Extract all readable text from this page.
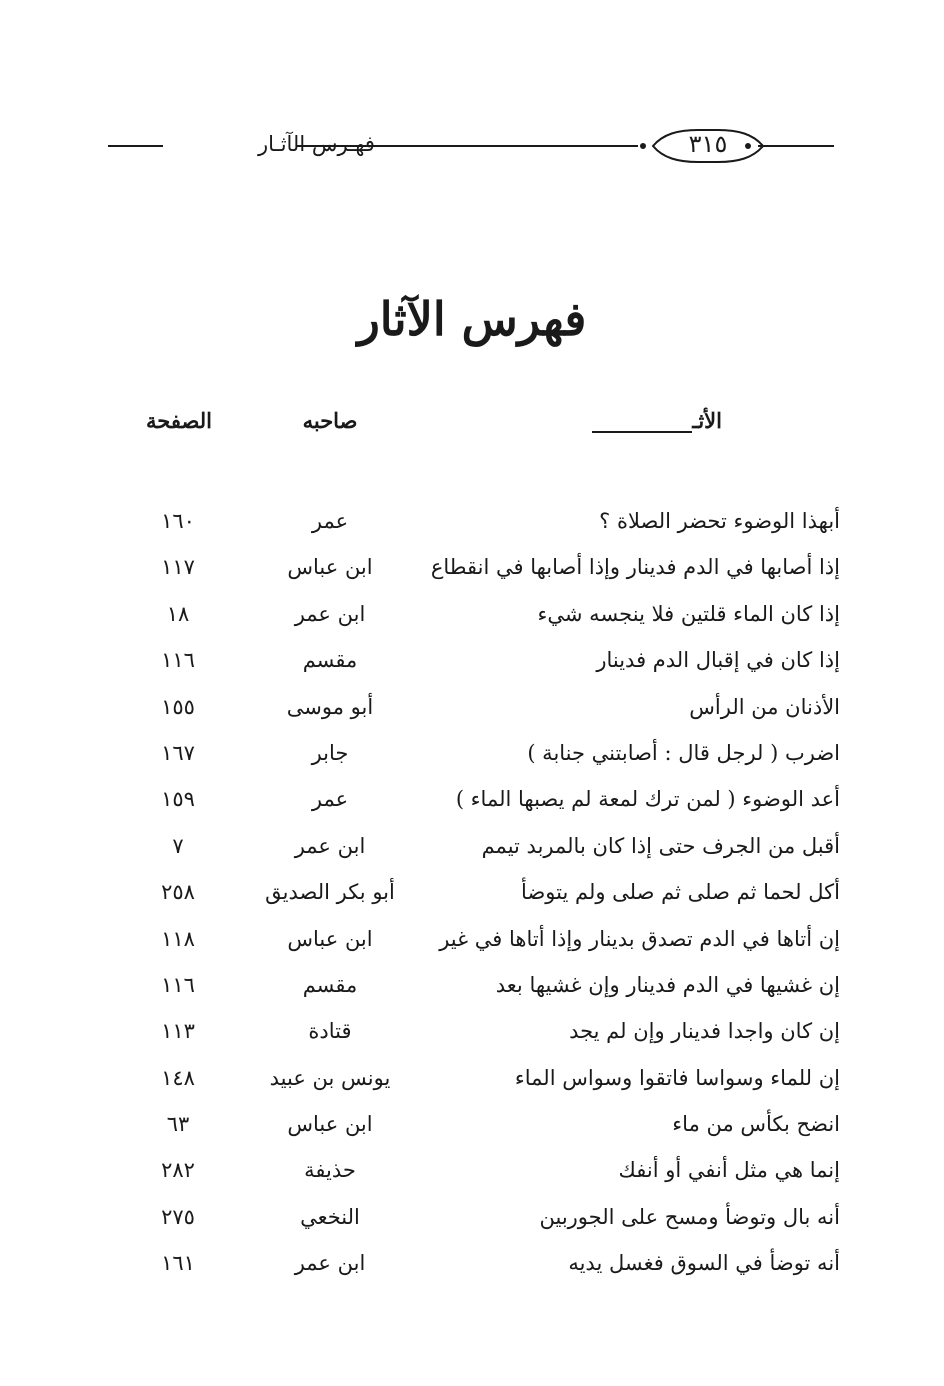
فهـرس الآثـار	٣١٥
فهرس الآثار
الأثـ
صاحبه
الصفحة
أبهذا الوضوء تحضر الصلاة ؟
عمر
١٦٠
إذا أصابها في الدم فدينار وإذا أصابها في انقطاع
ابن عباس
١١٧
إذا كان الماء قلتين فلا ينجسه شيء
ابن عمر
١٨
إذا كان في إقبال الدم فدينار
مقسم
١١٦
الأذنان من الرأس
أبو موسى
١٥٥
اضرب ( لرجل قال : أصابتني جنابة )
جابر
١٦٧
أعد الوضوء ( لمن ترك لمعة لم يصبها الماء )
عمر
١٥٩
أقبل من الجرف حتى إذا كان بالمربد تيمم
ابن عمر
٧
أكل لحما ثم صلى ثم صلى ولم يتوضأ
أبو بكر الصديق
٢٥٨
إن أتاها في الدم تصدق بدينار وإذا أتاها في غير
ابن عباس
١١٨
إن غشيها في الدم فدينار وإن غشيها بعد
مقسم
١١٦
إن كان واجدا فدينار وإن لم يجد
قتادة
١١٣
إن للماء وسواسا فاتقوا وسواس الماء
يونس بن عبيد
١٤٨
انضح بكأس من ماء
ابن عباس
٦٣
إنما هي مثل أنفي أو أنفك
حذيفة
٢٨٢
أنه بال وتوضأ ومسح على الجوربين
النخعي
٢٧٥
أنه توضأ في السوق فغسل يديه
ابن عمر
١٦١
